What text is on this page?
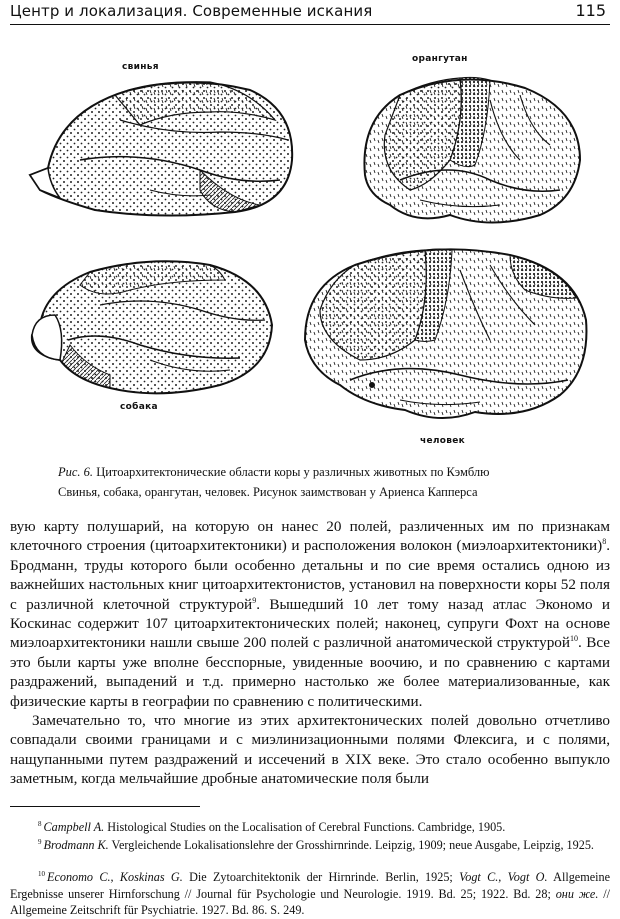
Центр и локализация. Современные искания	115
свинья
орангутан
собака
человек
Рис. 6. Цитоархитектонические области коры у различных животных по Кэмблю
Свинья, собака, орангутан, человек. Рисунок заимствован у Ариенса Капперса

вую карту полушарий, на которую он нанес 20 полей, различенных им по признакам клеточного строения (цитоархитектоники) и расположения волокон (миэлоархитектоники)$^8$. Бродманн, труды которого были особенно детальны и по сие время остались одною из важнейших настольных книг цитоархитектонистов, установил на поверхности коры 52 поля с различной клеточной структурой$^9$. Вышедший 10 лет тому назад атлас Экономо и Коскинас содержит 107 цитоархитектонических полей; наконец, супруги Фохт на основе миэлоархитектоники нашли свыше 200 полей с различной анатомической структурой$^{10}$. Все это были карты уже вполне бесспорные, увиденные воочию, и по сравнению с картами раздражений, выпадений и т.д. примерно настолько же более материализованные, как физические карты в географии по сравнению с политическими.

Замечательно то, что многие из этих архитектонических полей довольно отчетливо совпадали своими границами и с миэлинизационными полями Флексига, и с полями, нащупанными путем раздражений и иссечений в XIX веке. Это стало особенно выпукло заметным, когда мельчайшие дробные анатомические поля были

$^8$ Campbell A. Histological Studies on the Localisation of Cerebral Functions. Cambridge, 1905.
$^9$ Brodmann K. Vergleichende Lokalisationslehre der Grosshirnrinde. Leipzig, 1909; neue Ausgabe, Leipzig, 1925.
$^{10}$ Economo C., Koskinas G. Die Zytoarchitektonik der Hirnrinde. Berlin, 1925; Vogt C., Vogt O. Allgemeine Ergebnisse unserer Hirnforschung // Journal für Psychologie und Neurologie. 1919. Bd. 25; 1922. Bd. 28; они же. // Allgemeine Zeitschrift für Psychiatrie. 1927. Bd. 86. S. 249.
